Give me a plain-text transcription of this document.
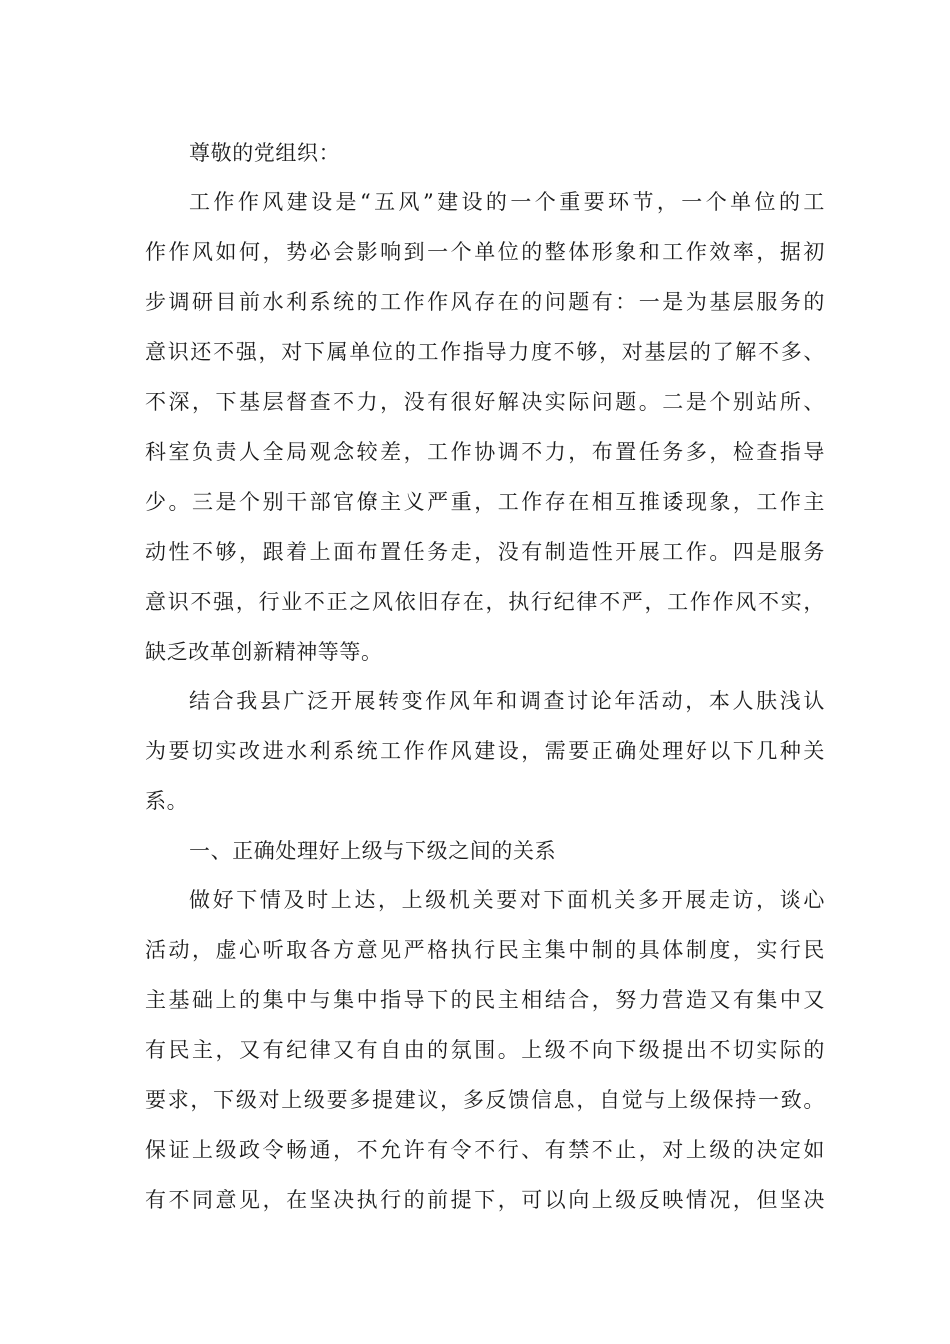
尊敬的党组织：
工作作风建设是“五风”建设的一个重要环节，一个单位的工
作作风如何，势必会影响到一个单位的整体形象和工作效率，据初
步调研目前水利系统的工作作风存在的问题有：一是为基层服务的
意识还不强，对下属单位的工作指导力度不够，对基层的了解不多、
不深，下基层督查不力，没有很好解决实际问题。二是个别站所、
科室负责人全局观念较差，工作协调不力，布置任务多，检查指导
少。三是个别干部官僚主义严重，工作存在相互推诿现象，工作主
动性不够，跟着上面布置任务走，没有制造性开展工作。四是服务
意识不强，行业不正之风依旧存在，执行纪律不严，工作作风不实，
缺乏改革创新精神等等。
结合我县广泛开展转变作风年和调查讨论年活动，本人肤浅认
为要切实改进水利系统工作作风建设，需要正确处理好以下几种关
系。
一、正确处理好上级与下级之间的关系
做好下情及时上达，上级机关要对下面机关多开展走访，谈心
活动，虚心听取各方意见严格执行民主集中制的具体制度，实行民
主基础上的集中与集中指导下的民主相结合，努力营造又有集中又
有民主，又有纪律又有自由的氛围。上级不向下级提出不切实际的
要求，下级对上级要多提建议，多反馈信息，自觉与上级保持一致。
保证上级政令畅通，不允许有令不行、有禁不止，对上级的决定如
有不同意见，在坚决执行的前提下，可以向上级反映情况，但坚决
